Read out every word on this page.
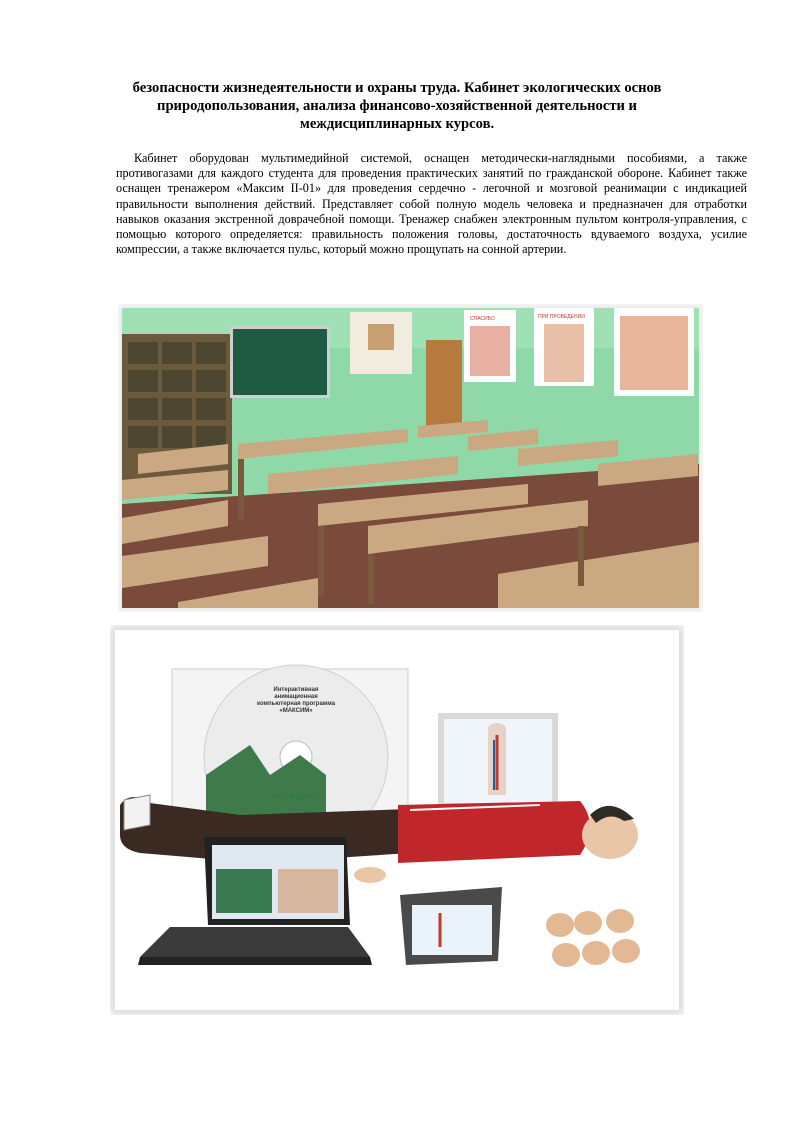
безопасности жизнедеятельности и охраны труда. Кабинет экологических основ
природопользования, анализа финансово-хозяйственной деятельности и
междисциплинарных курсов.
Кабинет оборудован мультимедийной системой, оснащен методически-наглядными пособиями, а также противогазами для каждого студента для проведения практических занятий по гражданской обороне. Кабинет также оснащен тренажером «Максим II-01» для проведения сердечно - легочной и мозговой реанимации с индикацией правильности выполнения действий. Представляет собой полную модель человека и предназначен для отработки навыков оказания экстренной доврачебной помощи. Тренажер снабжен электронным пультом контроля-управления, с помощью которого определяется: правильность положения головы, достаточность вдуваемого воздуха, усилие компрессии, а также включается пульс, который можно прощупать на сонной артерии.
СПАСИБО	ПРИ ПРОВЕДЕНИИ
Интерактивная
анимационная
компьютерная программа
«МАКСИМ»
ОАО "МЕДИУС"
